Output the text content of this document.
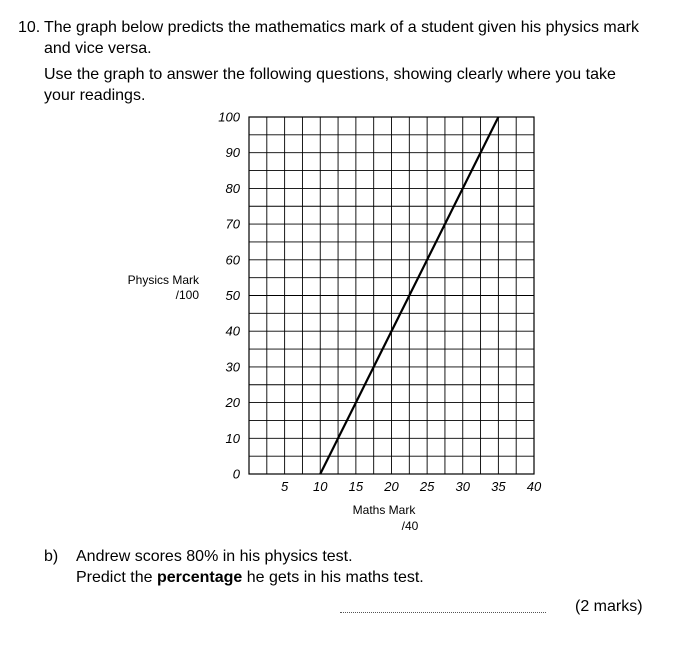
10. The graph below predicts the mathematics mark of a student given his physics mark
and vice versa.
Use the graph to answer the following questions, showing clearly where you take
your readings.
0
10
20
30
40
50
60
70
80
90
100
5 10 15 20 25 30 35 40
Physics Mark
/100
Maths Mark
/40
b) Andrew scores 80% in his physics test.
Predict the percentage he gets in his maths test.
(2 marks)
